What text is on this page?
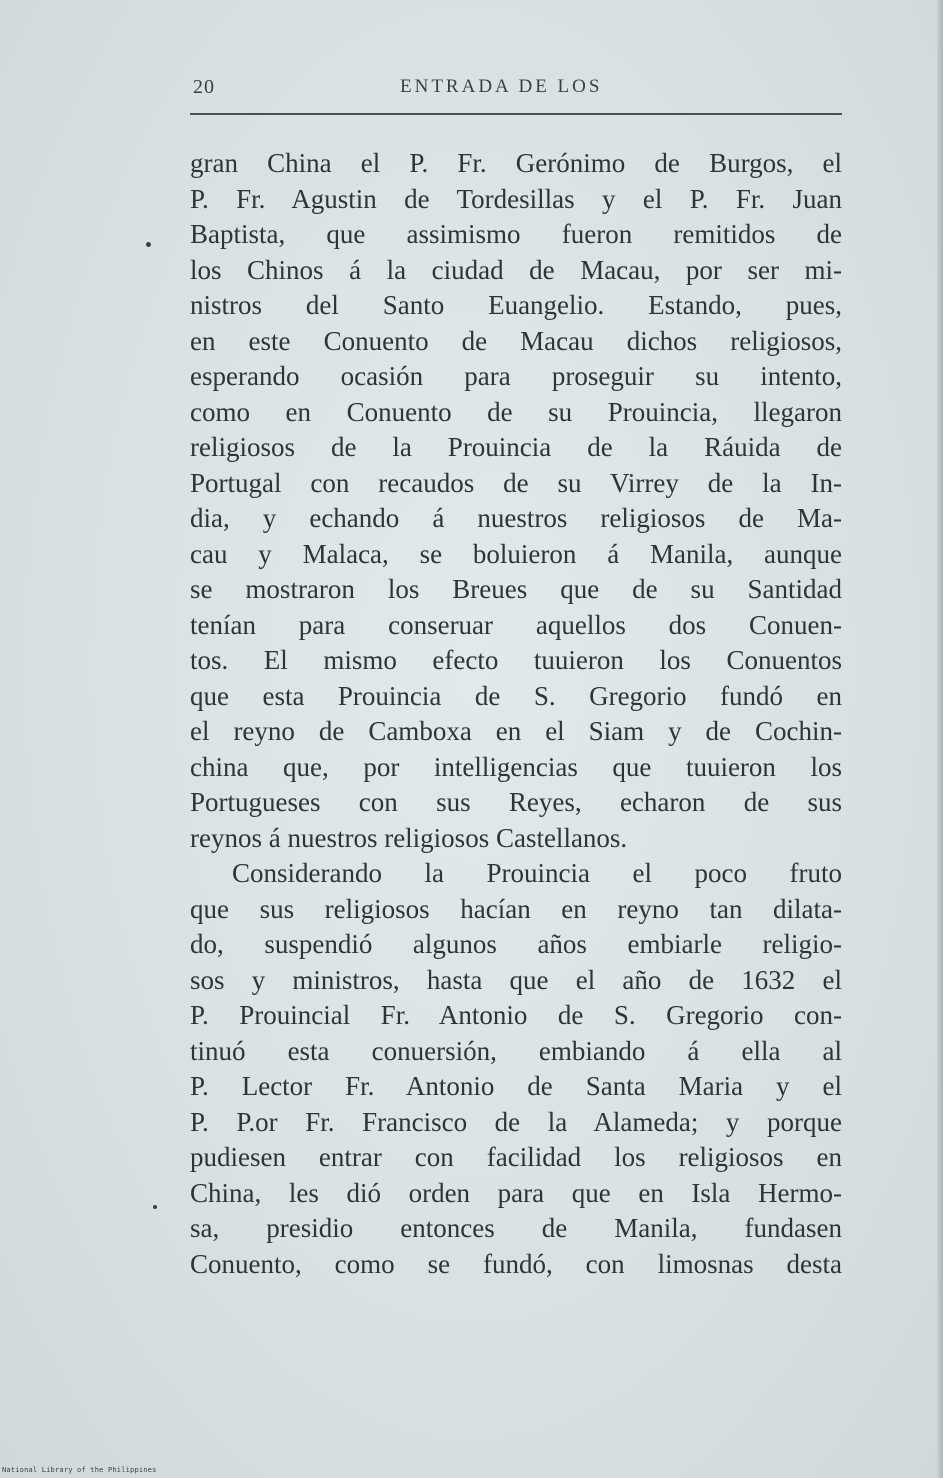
20	ENTRADA DE LOS
gran China el P. Fr. Gerónimo de Burgos, el
P. Fr. Agustin de Tordesillas y el P. Fr. Juan
Baptista, que assimismo fueron remitidos de
los Chinos á la ciudad de Macau, por ser mi-
nistros del Santo Euangelio. Estando, pues,
en este Conuento de Macau dichos religiosos,
esperando ocasión para proseguir su intento,
como en Conuento de su Prouincia, llegaron
religiosos de la Prouincia de la Ráuida de
Portugal con recaudos de su Virrey de la In-
dia, y echando á nuestros religiosos de Ma-
cau y Malaca, se boluieron á Manila, aunque
se mostraron los Breues que de su Santidad
tenían para conseruar aquellos dos Conuen-
tos. El mismo efecto tuuieron los Conuentos
que esta Prouincia de S. Gregorio fundó en
el reyno de Camboxa en el Siam y de Cochin-
china que, por intelligencias que tuuieron los
Portugueses con sus Reyes, echaron de sus
reynos á nuestros religiosos Castellanos.
Considerando la Prouincia el poco fruto
que sus religiosos hacían en reyno tan dilata-
do, suspendió algunos años embiarle religio-
sos y ministros, hasta que el año de 1632 el
P. Prouincial Fr. Antonio de S. Gregorio con-
tinuó esta conuersión, embiando á ella al
P. Lector Fr. Antonio de Santa Maria y el
P. P.or Fr. Francisco de la Alameda; y porque
pudiesen entrar con facilidad los religiosos en
China, les dió orden para que en Isla Hermo-
sa, presidio entonces de Manila, fundasen
Conuento, como se fundó, con limosnas desta
National Library of the Philippines
